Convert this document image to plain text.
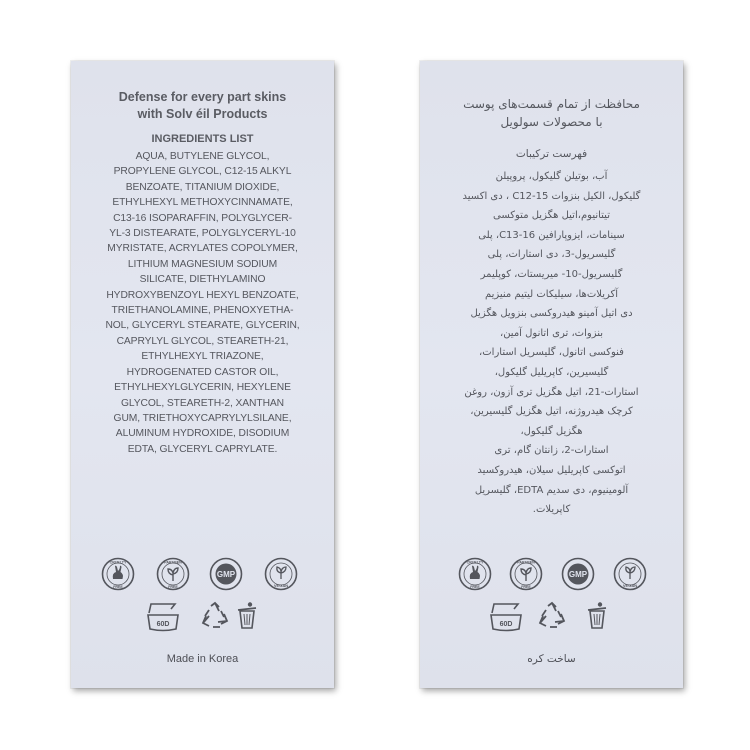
Defense for every part skins
with Solv éil Products
INGREDIENTS LIST
AQUA, BUTYLENE GLYCOL,
PROPYLENE GLYCOL, C12-15 ALKYL
BENZOATE, TITANIUM DIOXIDE,
ETHYLHEXYL METHOXYCINNAMATE,
C13-16 ISOPARAFFIN, POLYGLYCER-
YL-3 DISTEARATE, POLYGLYCERYL-10
MYRISTATE, ACRYLATES COPOLYMER,
LITHIUM MAGNESIUM SODIUM
SILICATE, DIETHYLAMINO
HYDROXYBENZOYL HEXYL BENZOATE,
TRIETHANOLAMINE, PHENOXYETHA-
NOL, GLYCERYL STEARATE, GLYCERIN,
CAPRYLYL GLYCOL, STEARETH-21,
ETHYLHEXYL TRIAZONE,
HYDROGENATED CASTOR OIL,
ETHYLHEXYLGLYCERIN, HEXYLENE
GLYCOL, STEARETH-2, XANTHAN
GUM, TRIETHOXYCAPRYLYLSILANE,
ALUMINUM HYDROXIDE, DISODIUM
EDTA, GLYCERYL CAPRYLATE.
CRUELTY
FREE
PARABEN
FREE
GMP
VEGAN
60D
Made in Korea
محافظت از تمام قسمت‌های پوست
با محصولات سولویل
فهرست ترکیبات
آب، بوتیلن گلیکول، پروپیلن
گلیکول، الکیل بنزوات C12-15 ، دی اکسید
تیتانیوم،اتیل هگزیل متوکسی
سینامات، ایزوپارافین C13-16، پلی
گلیسریول-3، دی استارات، پلی
گلیسریول-10- میریستات، کوپلیمر
آکریلات‌ها، سیلیکات لیتیم منیزیم
دی اتیل آمینو هیدروکسی بنزویل هگزیل
بنزوات، تری اتانول آمین،
فنوکسی اتانول، گلیسریل استارات،
گلیسیرین، کاپریلیل گلیکول،
استارات-21، اتیل هگزیل تری آزون، روغن
کرچک هیدروژنه، اتیل هگزیل گلیسیرین،
هگزیل گلیکول،
استارات-2، زانتان گام، تری
اتوکسی کاپریلیل سیلان، هیدروکسید
آلومینیوم، دی سدیم EDTA، گلیسریل
کاپریلات.
CRUELTY
FREE
PARABEN
FREE
GMP
VEGAN
60D
ساخت کره
